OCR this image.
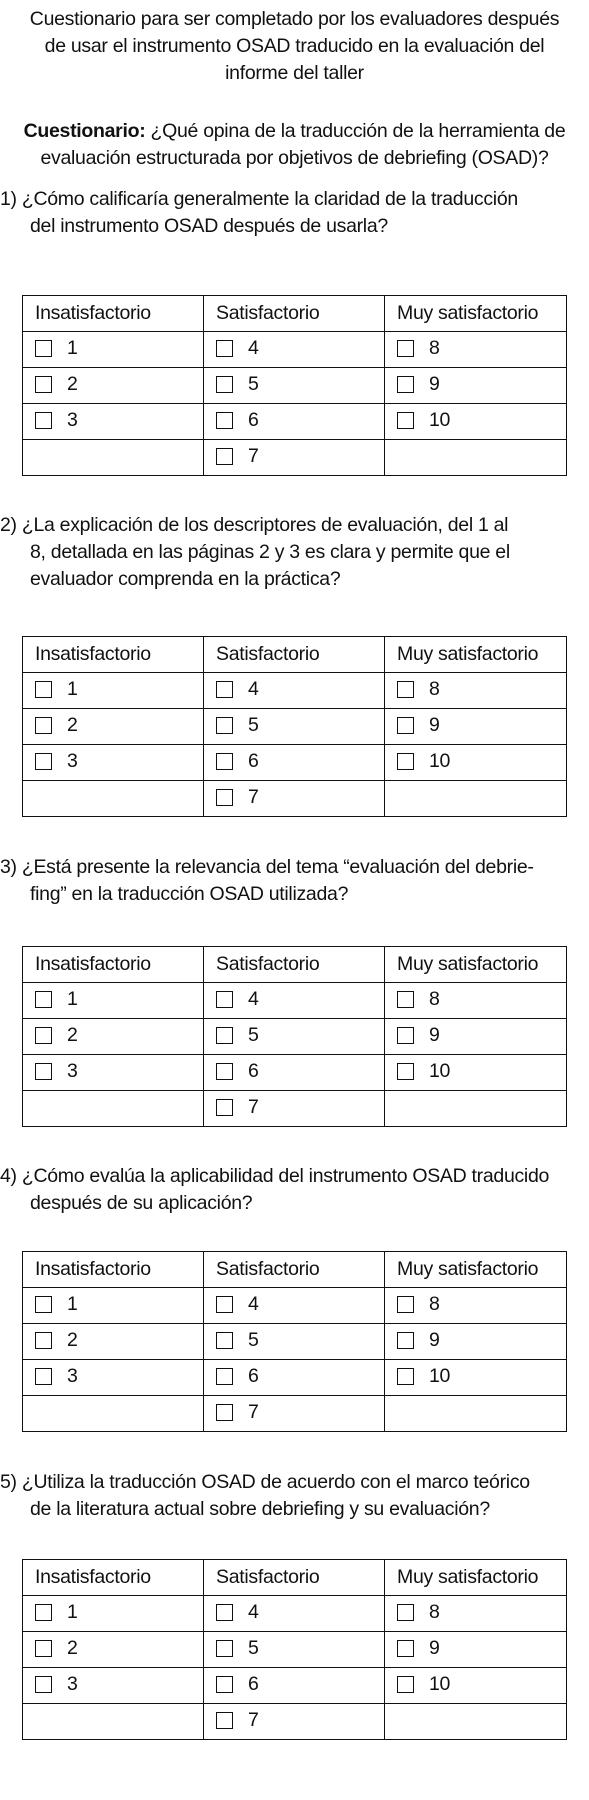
Cuestionario para ser completado por los evaluadores después
de usar el instrumento OSAD traducido en la evaluación del
informe del taller
Cuestionario: ¿Qué opina de la traducción de la herramienta de
evaluación estructurada por objetivos de debriefing (OSAD)?
1) ¿Cómo calificaría generalmente la claridad de la traducción
del instrumento OSAD después de usarla?
Insatisfactorio	Satisfactorio	Muy satisfactorio

1	4	8

2	5	9

3	6	10

	7	

2) ¿La explicación de los descriptores de evaluación, del 1 al
8, detallada en las páginas 2 y 3 es clara y permite que el
evaluador comprenda en la práctica?
Insatisfactorio	Satisfactorio	Muy satisfactorio

1	4	8

2	5	9

3	6	10

	7	

3) ¿Está presente la relevancia del tema “evaluación del debrie-
fing” en la traducción OSAD utilizada?
Insatisfactorio	Satisfactorio	Muy satisfactorio

1	4	8

2	5	9

3	6	10

	7	

4) ¿Cómo evalúa la aplicabilidad del instrumento OSAD traducido
después de su aplicación?
Insatisfactorio	Satisfactorio	Muy satisfactorio

1	4	8

2	5	9

3	6	10

	7	

5) ¿Utiliza la traducción OSAD de acuerdo con el marco teórico
de la literatura actual sobre debriefing y su evaluación?
Insatisfactorio	Satisfactorio	Muy satisfactorio

1	4	8

2	5	9

3	6	10

	7	
